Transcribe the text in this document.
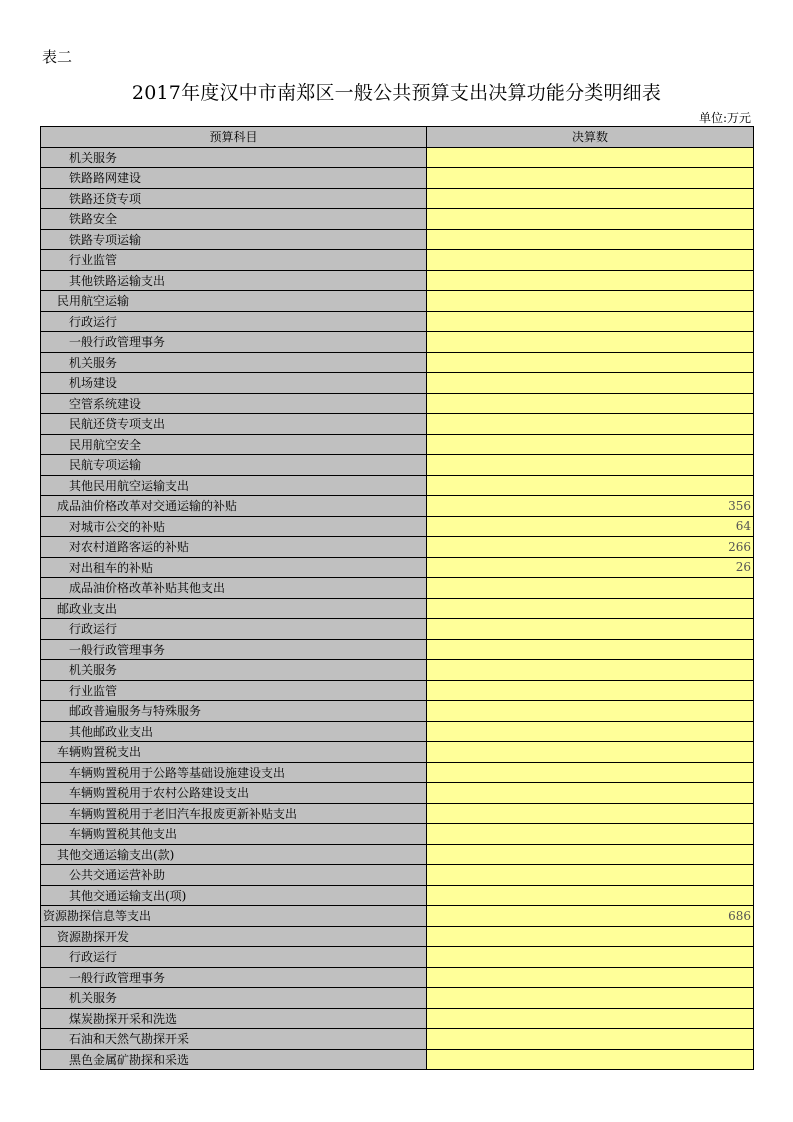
表二
2017年度汉中市南郑区一般公共预算支出决算功能分类明细表
单位:万元
预算科目	决算数
机关服务	
铁路路网建设	
铁路还贷专项	
铁路安全	
铁路专项运输	
行业监管	
其他铁路运输支出	
民用航空运输	
行政运行	
一般行政管理事务	
机关服务	
机场建设	
空管系统建设	
民航还贷专项支出	
民用航空安全	
民航专项运输	
其他民用航空运输支出	
成品油价格改革对交通运输的补贴	356
对城市公交的补贴	64
对农村道路客运的补贴	266
对出租车的补贴	26
成品油价格改革补贴其他支出	
邮政业支出	
行政运行	
一般行政管理事务	
机关服务	
行业监管	
邮政普遍服务与特殊服务	
其他邮政业支出	
车辆购置税支出	
车辆购置税用于公路等基础设施建设支出	
车辆购置税用于农村公路建设支出	
车辆购置税用于老旧汽车报废更新补贴支出	
车辆购置税其他支出	
其他交通运输支出(款)	
公共交通运营补助	
其他交通运输支出(项)	
资源勘探信息等支出	686
资源勘探开发	
行政运行	
一般行政管理事务	
机关服务	
煤炭勘探开采和洗选	
石油和天然气勘探开采	
黑色金属矿勘探和采选	
